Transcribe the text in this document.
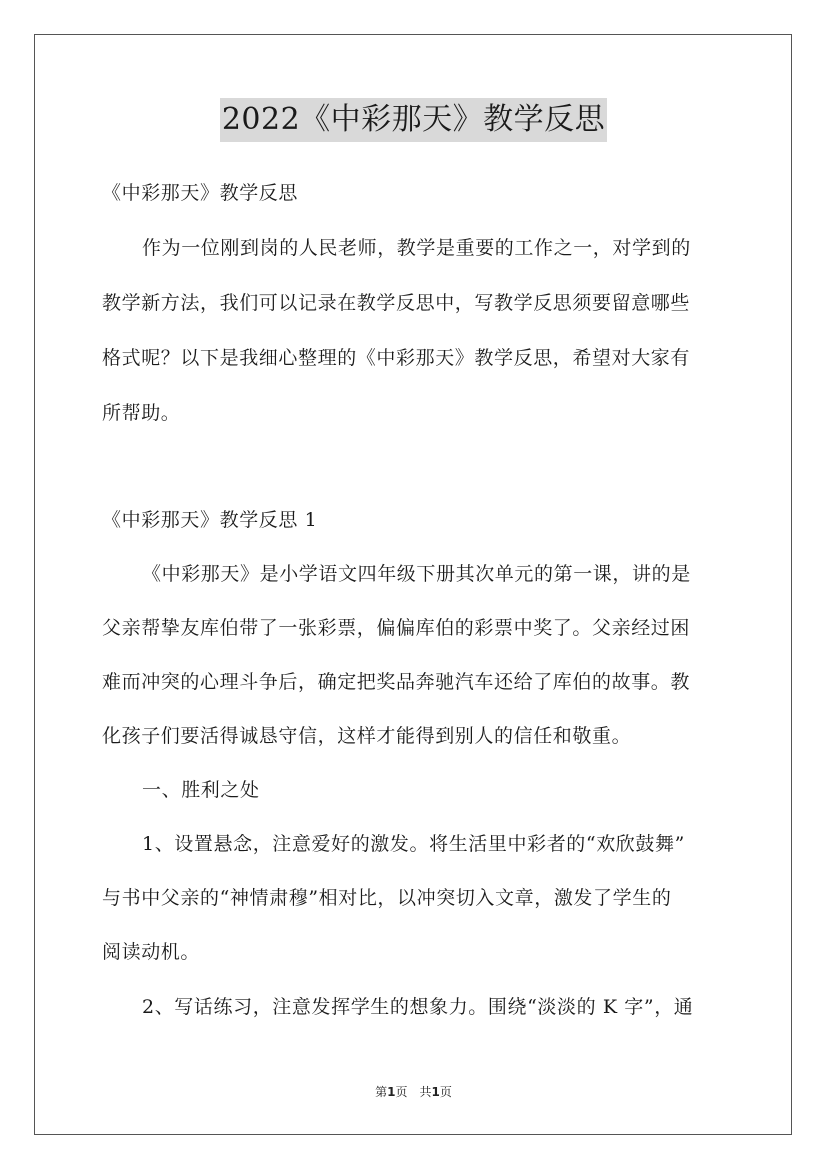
2022《中彩那天》教学反思
《中彩那天》教学反思
作为一位刚到岗的人民老师，教学是重要的工作之一，对学到的
教学新方法，我们可以记录在教学反思中，写教学反思须要留意哪些
格式呢？以下是我细心整理的《中彩那天》教学反思，希望对大家有
所帮助。
《中彩那天》教学反思 1
《中彩那天》是小学语文四年级下册其次单元的第一课，讲的是
父亲帮挚友库伯带了一张彩票，偏偏库伯的彩票中奖了。父亲经过困
难而冲突的心理斗争后，确定把奖品奔驰汽车还给了库伯的故事。教
化孩子们要活得诚恳守信，这样才能得到别人的信任和敬重。
一、胜利之处
1、设置悬念，注意爱好的激发。将生活里中彩者的“欢欣鼓舞”
与书中父亲的“神情肃穆”相对比，以冲突切入文章，激发了学生的
阅读动机。
2、写话练习，注意发挥学生的想象力。围绕“淡淡的 K 字”，通
第1页　共1页
